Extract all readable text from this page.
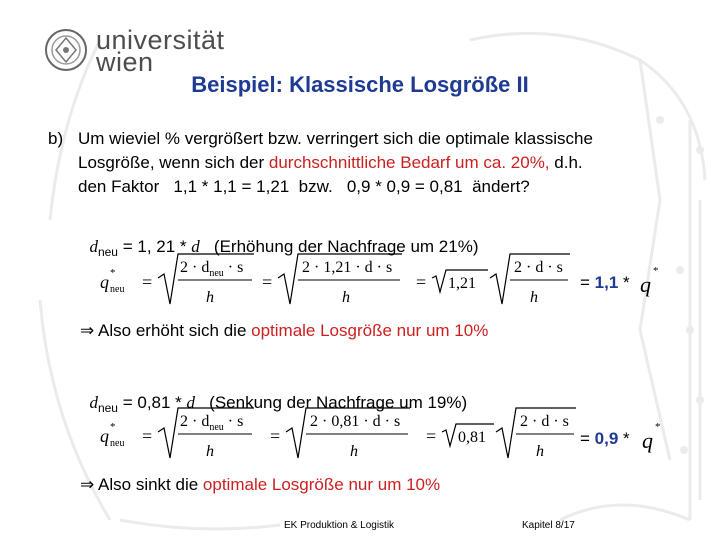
universität
wien
Beispiel: Klassische Losgröße II
b) Um wieviel % vergrößert bzw. verringert sich die optimale klassische
Losgröße, wenn sich der durchschnittliche Bedarf um ca. 20%, d.h.
den Faktor   1,1 * 1,1 = 1,21  bzw.   0,9 * 0,9 = 0,81  ändert?

$d_{neu} = 1$, 21 * d   (Erhöhung der Nachfrage um 21%)

q *
neu =
$2 \cdot d_{neu} \cdot s$
h
=
2 · 1,21 · d · s
h
= 1,21
2 · d · s
h
= 1,1 * q
*
⇒ Also erhöht sich die optimale Losgröße nur um 10%

$d_{neu} = 0,81 * d$   (Senkung der Nachfrage um 19%)

q *
neu =
$2 \cdot d_{neu} \cdot s$
h
=
2 · 0,81 · d · s
h
= 0,81
2 · d · s
h
= 0,9 * q
*
⇒ Also sinkt die optimale Losgröße nur um 10%
EK Produktion & Logistik	Kapitel 8/17
